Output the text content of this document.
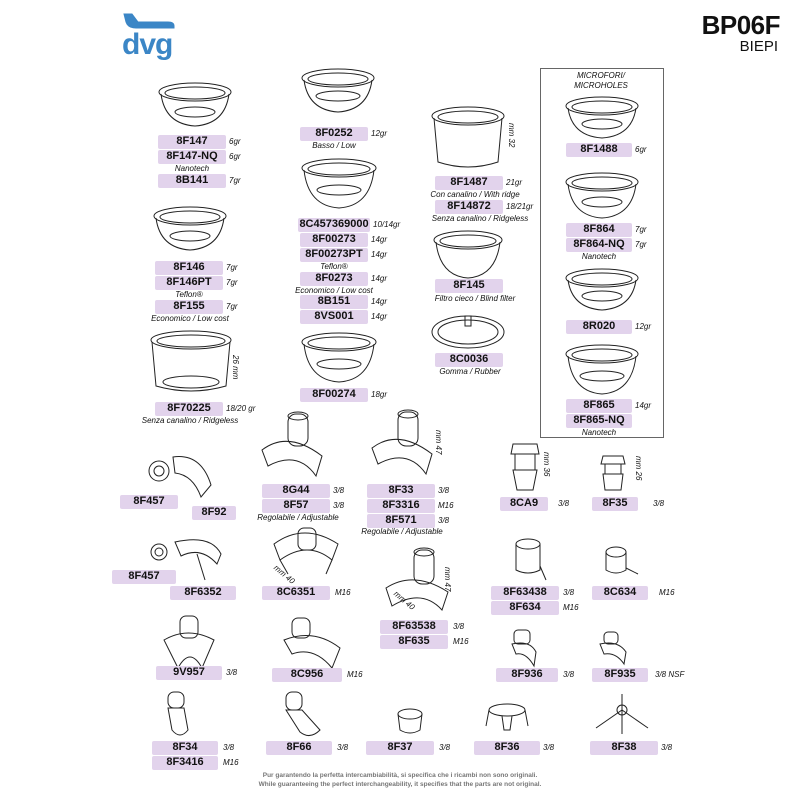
dvg
BP06F
BIEPI
MICROFORI/
MICROHOLES
26 mm
mm 32
mm 47
mm 36	mm 26
mm 47
mm 40
mm 40
8F147	6gr
8F147-NQ	6gr
Nanotech
8B141	7gr
8F146	7gr
8F146PT	7gr
Teflon®
8F155	7gr
Economico / Low cost
8F70225	18/20 gr
Senza canalino / Ridgeless
8F0252	12gr
Basso / Low
8C457369000 10/14gr
8F00273	14gr
8F00273PT	14gr
Teflon®
8F0273	14gr
Economico / Low cost
8B151	14gr
8VS001	14gr
8F00274	18gr
8F1487	21gr
Con canalino / With ridge
8F14872	18/21gr
Senza canalino / Ridgeless
8F145
Filtro cieco / Blind filter
8C0036
Gomma / Rubber
8F1488	6gr
8F864	7gr
8F864-NQ	7gr
Nanotech
8R020	12gr
8F865	14gr
8F865-NQ
Nanotech
8F457
8F92
8G44	3/8
8F57	3/8
Regolabile / Adjustable
8F33	3/8
8F3316	M16
8F571	3/8
Regolabile / Adjustable
8CA9	3/8	8F35	3/8
8F457
8F6352	8C6351	M16
8F63538	3/8
8F635	M16
8F63438	3/8
8F634	M16
8C634	M16
9V957	3/8	8C956	M16	8F936	3/8	8F935	3/8 NSF
8F34	3/8
8F3416	M16
8F66	3/8	8F37	3/8	8F36	3/8	8F38	3/8
Pur garantendo la perfetta intercambiabilità, si specifica che i ricambi non sono originali.
While guaranteeing the perfect interchangeability, it specifies that the parts are not original.
